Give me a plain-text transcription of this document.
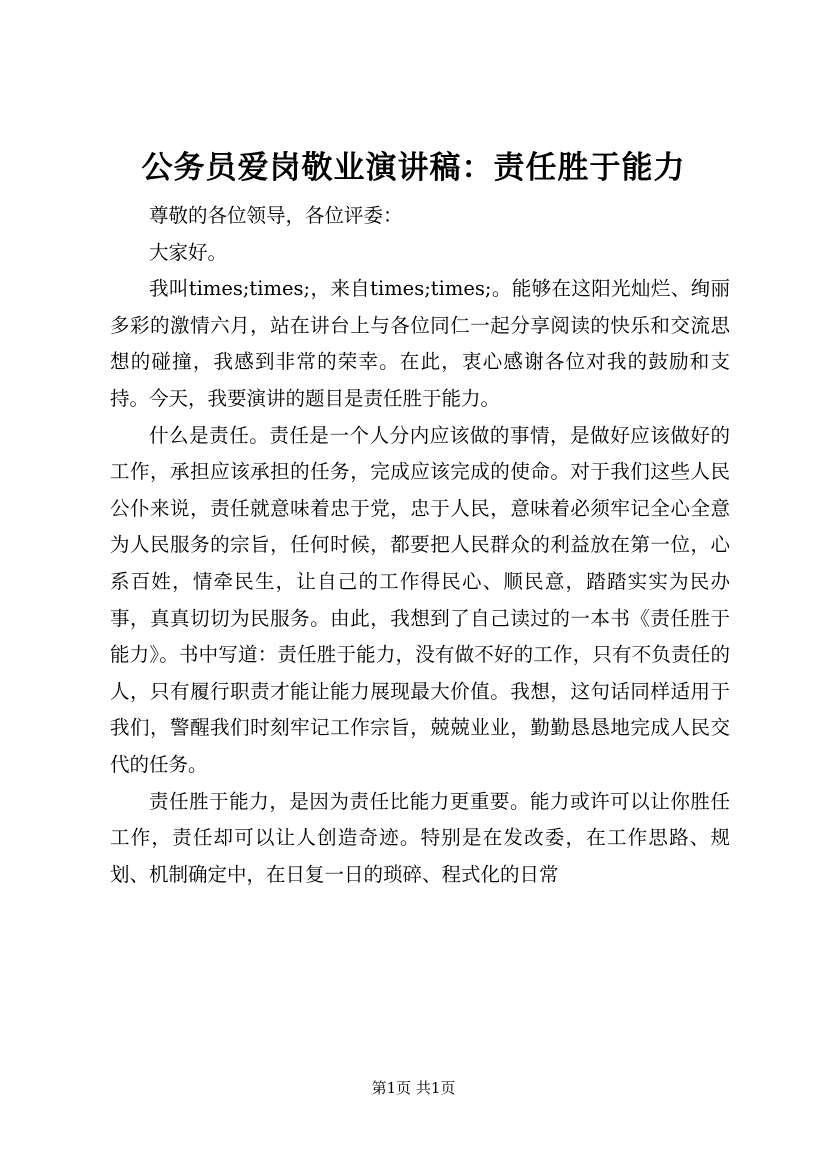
公务员爱岗敬业演讲稿：责任胜于能力

尊敬的各位领导，各位评委：

大家好。

我叫times;times;，来自times;times;。能够在这阳光灿烂、绚丽多彩的激情六月，站在讲台上与各位同仁一起分享阅读的快乐和交流思想的碰撞，我感到非常的荣幸。在此，衷心感谢各位对我的鼓励和支持。今天，我要演讲的题目是责任胜于能力。

什么是责任。责任是一个人分内应该做的事情，是做好应该做好的工作，承担应该承担的任务，完成应该完成的使命。对于我们这些人民公仆来说，责任就意味着忠于党，忠于人民，意味着必须牢记全心全意为人民服务的宗旨，任何时候，都要把人民群众的利益放在第一位，心系百姓，情牵民生，让自己的工作得民心、顺民意，踏踏实实为民办事，真真切切为民服务。由此，我想到了自己读过的一本书《责任胜于能力》。书中写道：责任胜于能力，没有做不好的工作，只有不负责任的人，只有履行职责才能让能力展现最大价值。我想，这句话同样适用于我们，警醒我们时刻牢记工作宗旨，兢兢业业，勤勤恳恳地完成人民交代的任务。

责任胜于能力，是因为责任比能力更重要。能力或许可以让你胜任工作，责任却可以让人创造奇迹。特别是在发改委，在工作思路、规划、机制确定中，在日复一日的琐碎、程式化的日常

第1页 共1页
